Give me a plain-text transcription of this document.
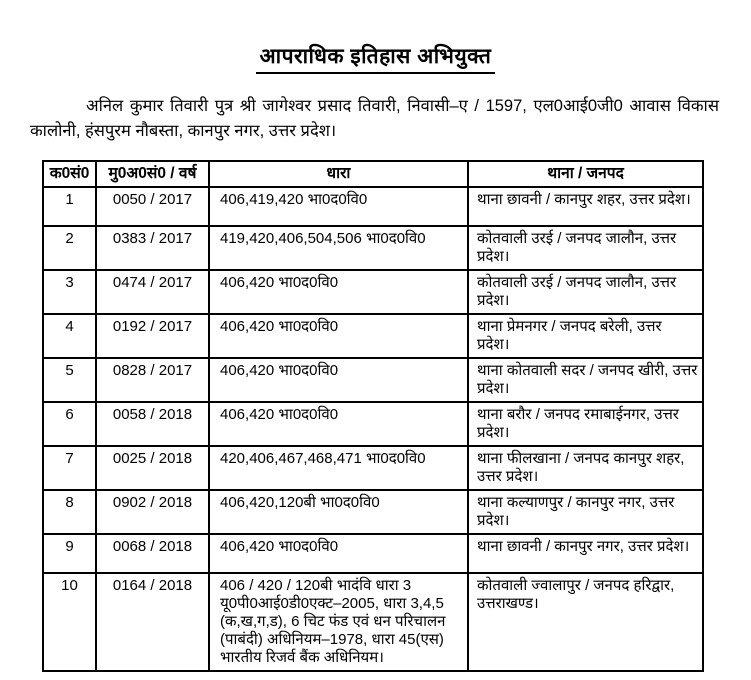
आपराधिक इतिहास अभियुक्त

अनिल कुमार तिवारी पुत्र श्री जागेश्वर प्रसाद तिवारी, निवासी–ए / 1597, एल0आई0जी0 आवास विकास कालोनी, हंसपुरम नौबस्ता, कानपुर नगर, उत्तर प्रदेश।

क0सं0	मु0अ0सं0 / वर्ष	धारा	थाना / जनपद
1	0050 / 2017	406,419,420 भा0द0वि0	थाना छावनी / कानपुर शहर, उत्तर प्रदेश।
2	0383 / 2017	419,420,406,504,506 भा0द0वि0	कोतवाली उरई / जनपद जालौन, उत्तर प्रदेश।
3	0474 / 2017	406,420 भा0द0वि0	कोतवाली उरई / जनपद जालौन, उत्तर प्रदेश।
4	0192 / 2017	406,420 भा0द0वि0	थाना प्रेमनगर / जनपद बरेली, उत्तर प्रदेश।
5	0828 / 2017	406,420 भा0द0वि0	थाना कोतवाली सदर / जनपद खीरी, उत्तर प्रदेश।
6	0058 / 2018	406,420 भा0द0वि0	थाना बरौर / जनपद रमाबाईनगर, उत्तर प्रदेश।
7	0025 / 2018	420,406,467,468,471 भा0द0वि0	थाना फीलखाना / जनपद कानपुर शहर, उत्तर प्रदेश।
8	0902 / 2018	406,420,120बी भा0द0वि0	थाना कल्याणपुर / कानपुर नगर, उत्तर प्रदेश।
9	0068 / 2018	406,420 भा0द0वि0	थाना छावनी / कानपुर नगर, उत्तर प्रदेश।
10	0164 / 2018	406 / 420 / 120बी भादंवि धारा 3 यू0पी0आई0डी0एक्ट–2005, धारा 3,4,5 (क,ख,ग,ड), 6 चिट फंड एवं धन परिचालन (पाबंदी) अधिनियम–1978, धारा 45(एस) भारतीय रिजर्व बैंक अधिनियम।	कोतवाली ज्वालापुर / जनपद हरिद्वार, उत्तराखण्ड।
